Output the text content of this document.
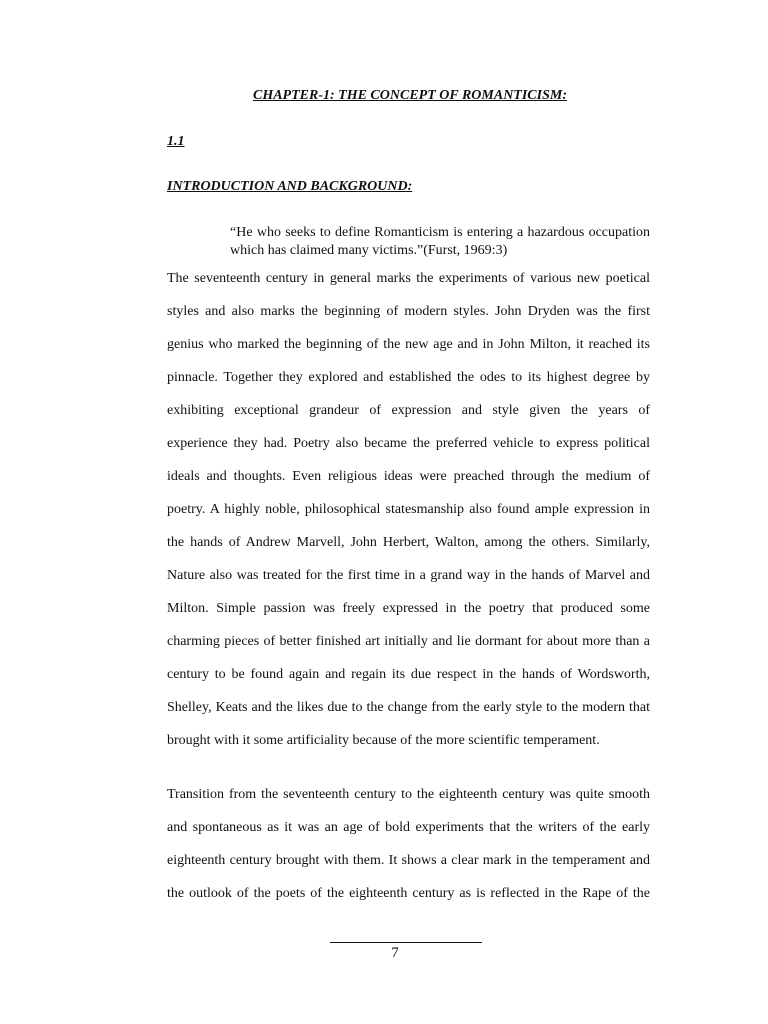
CHAPTER-1: THE CONCEPT OF ROMANTICISM:
1.1
INTRODUCTION AND BACKGROUND:
“He who seeks to define Romanticism is entering a hazardous occupation which has claimed many victims.”(Furst, 1969:3)
The seventeenth century in general marks the experiments of various new poetical
styles and also marks the beginning of modern styles. John Dryden was the first
genius who marked the beginning of the new age and in John Milton, it reached its
pinnacle. Together they explored and established the odes to its highest degree by
exhibiting exceptional grandeur of expression and style given the years of
experience they had. Poetry also became the preferred vehicle to express political
ideals and thoughts. Even religious ideas were preached through the medium of
poetry. A highly noble, philosophical statesmanship also found ample expression in
the hands of Andrew Marvell, John Herbert, Walton, among the others. Similarly,
Nature also was treated for the first time in a grand way in the hands of Marvel and
Milton. Simple passion was freely expressed in the poetry that produced some
charming pieces of better finished art initially and lie dormant for about more than a
century to be found again and regain its due respect in the hands of Wordsworth,
Shelley, Keats and the likes due to the change from the early style to the modern that
brought with it some artificiality because of the more scientific temperament.
Transition from the seventeenth century to the eighteenth century was quite smooth
and spontaneous as it was an age of bold experiments that the writers of the early
eighteenth century brought with them. It shows a clear mark in the temperament and
the outlook of the poets of the eighteenth century as is reflected in the Rape of the
7
